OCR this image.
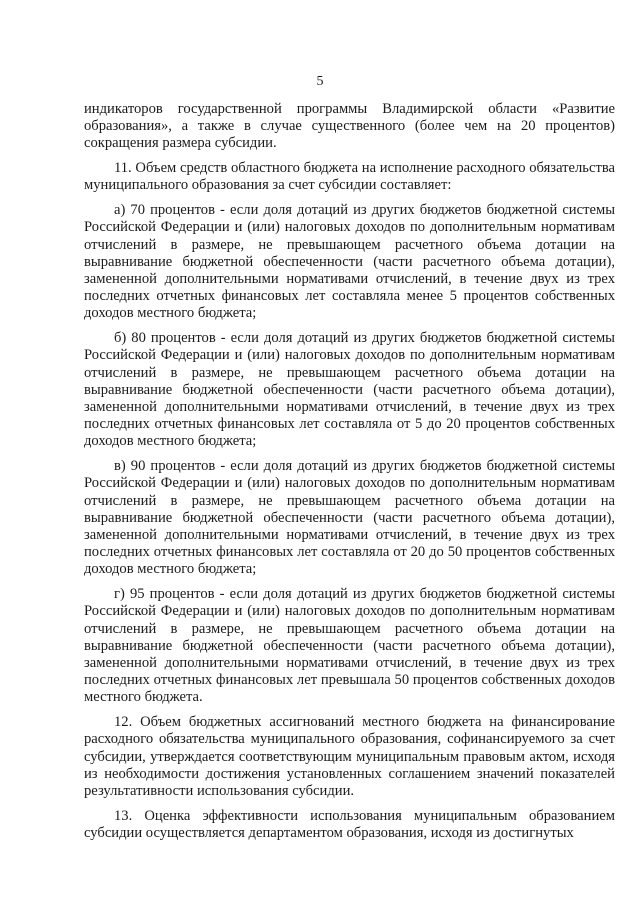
5

индикаторов государственной программы Владимирской области «Развитие образования», а также в случае существенного (более чем на 20 процентов) сокращения размера субсидии.

11. Объем средств областного бюджета на исполнение расходного обязательства муниципального образования за счет субсидии составляет:

а) 70 процентов - если доля дотаций из других бюджетов бюджетной системы Российской Федерации и (или) налоговых доходов по дополнительным нормативам отчислений в размере, не превышающем расчетного объема дотации на выравнивание бюджетной обеспеченности (части расчетного объема дотации), замененной дополнительными нормативами отчислений, в течение двух из трех последних отчетных финансовых лет составляла менее 5 процентов собственных доходов местного бюджета;

б) 80 процентов - если доля дотаций из других бюджетов бюджетной системы Российской Федерации и (или) налоговых доходов по дополнительным нормативам отчислений в размере, не превышающем расчетного объема дотации на выравнивание бюджетной обеспеченности (части расчетного объема дотации), замененной дополнительными нормативами отчислений, в течение двух из трех последних отчетных финансовых лет составляла от 5 до 20 процентов собственных доходов местного бюджета;

в) 90 процентов - если доля дотаций из других бюджетов бюджетной системы Российской Федерации и (или) налоговых доходов по дополнительным нормативам отчислений в размере, не превышающем расчетного объема дотации на выравнивание бюджетной обеспеченности (части расчетного объема дотации), замененной дополнительными нормативами отчислений, в течение двух из трех последних отчетных финансовых лет составляла от 20 до 50 процентов собственных доходов местного бюджета;

г) 95 процентов - если доля дотаций из других бюджетов бюджетной системы Российской Федерации и (или) налоговых доходов по дополнительным нормативам отчислений в размере, не превышающем расчетного объема дотации на выравнивание бюджетной обеспеченности (части расчетного объема дотации), замененной дополнительными нормативами отчислений, в течение двух из трех последних отчетных финансовых лет превышала 50 процентов собственных доходов местного бюджета.

12. Объем бюджетных ассигнований местного бюджета на финансирование расходного обязательства муниципального образования, софинансируемого за счет субсидии, утверждается соответствующим муниципальным правовым актом, исходя из необходимости достижения установленных соглашением значений показателей результативности использования субсидии.

13. Оценка эффективности использования муниципальным образованием субсидии осуществляется департаментом образования, исходя из достигнутых
